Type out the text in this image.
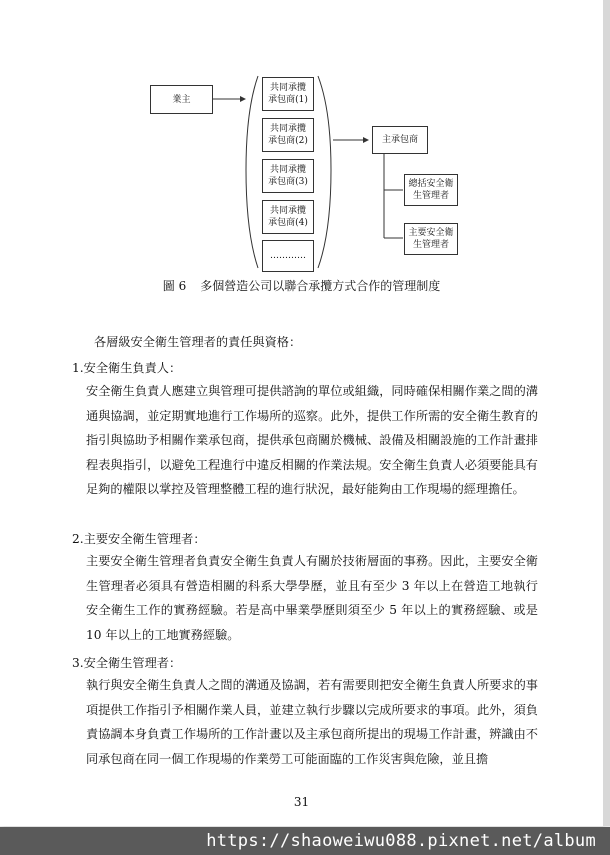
業主
共同承攬
承包商(1)
共同承攬
承包商(2)
共同承攬
承包商(3)
共同承攬
承包商(4)
…………
主承包商
總括安全衛
生管理者
主要安全衛
生管理者
圖 6 多個營造公司以聯合承攬方式合作的管理制度
各層級安全衛生管理者的責任與資格：
1.安全衛生負責人：
安全衛生負責人應建立與管理可提供諮詢的單位或組織，同時確保相關作業之間的溝通與協調，並定期實地進行工作場所的巡察。此外，提供工作所需的安全衛生教育的指引與協助予相關作業承包商，提供承包商關於機械、設備及相關設施的工作計畫排程表與指引，以避免工程進行中違反相關的作業法規。安全衛生負責人必須要能具有足夠的權限以掌控及管理整體工程的進行狀況，最好能夠由工作現場的經理擔任。
2.主要安全衛生管理者：
主要安全衛生管理者負責安全衛生負責人有關於技術層面的事務。因此，主要安全衛生管理者必須具有營造相關的科系大學學歷，並且有至少 3 年以上在營造工地執行安全衛生工作的實務經驗。若是高中畢業學歷則須至少 5 年以上的實務經驗、或是 10 年以上的工地實務經驗。
3.安全衛生管理者：
執行與安全衛生負責人之間的溝通及協調，若有需要則把安全衛生負責人所要求的事項提供工作指引予相關作業人員，並建立執行步驟以完成所要求的事項。此外，須負責協調本身負責工作場所的工作計畫以及主承包商所提出的現場工作計畫，辨識由不同承包商在同一個工作現場的作業勞工可能面臨的工作災害與危險，並且擔
31
https://shaoweiwu088.pixnet.net/album
